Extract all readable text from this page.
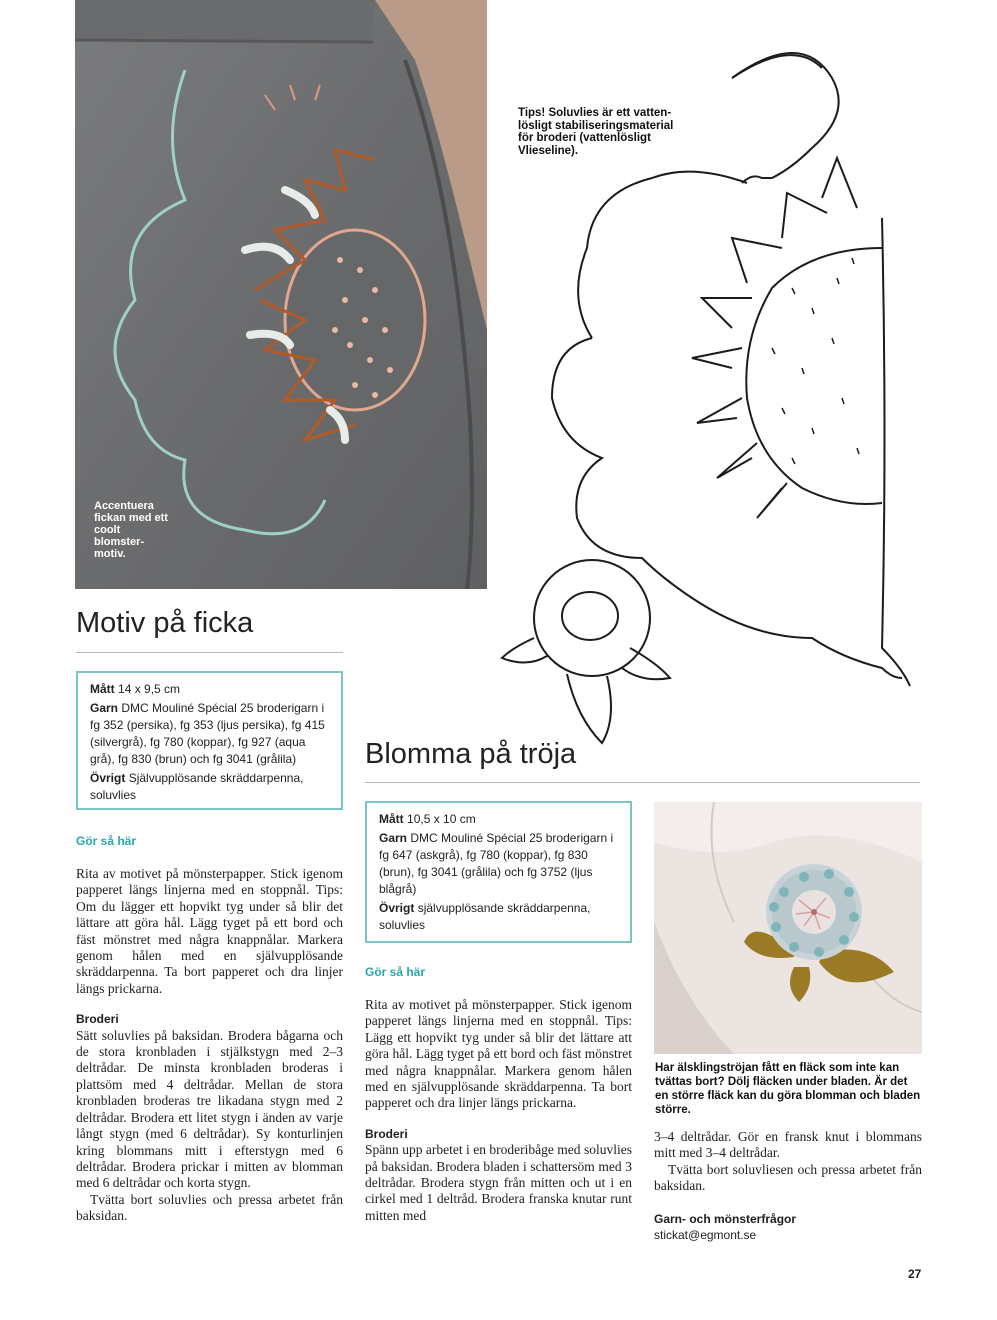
Accentuera fickan med ett coolt blomster-motiv.
Tips! Soluvlies är ett vatten-lösligt stabiliseringsmaterial för broderi (vattenlösligt Vlieseline).
Motiv på ficka

Mått 14 x 9,5 cm

Garn DMC Mouliné Spécial 25 broderigarn i fg 352 (persika), fg 353 (ljus persika), fg 415 (silvergrå), fg 780 (koppar), fg 927 (aqua grå), fg 830 (brun) och fg 3041 (grålila)

Övrigt Självupplösande skräddarpenna, soluvlies

Gör så här

Rita av motivet på mönsterpapper. Stick igenom papperet längs linjerna med en stoppnål. Tips: Om du lägger ett hopvikt tyg under så blir det lättare att göra hål. Lägg tyget på ett bord och fäst mönstret med några knappnålar. Markera genom hålen med en självupplösande skräddarpenna. Ta bort papperet och dra linjer längs prickarna.

Broderi

Sätt soluvlies på baksidan. Brodera bågarna och de stora kronbladen i stjälkstygn med 2–3 deltrådar. De minsta kronbladen broderas i plattsöm med 4 deltrådar. Mellan de stora kronbladen broderas tre likadana stygn med 2 deltrådar. Brodera ett litet stygn i änden av varje långt stygn (med 6 deltrådar). Sy konturlinjen kring blommans mitt i efterstygn med 6 deltrådar. Brodera prickar i mitten av blomman med 6 deltrådar och korta stygn.

Tvätta bort soluvlies och pressa arbetet från baksidan.

Blomma på tröja

Mått 10,5 x 10 cm

Garn DMC Mouliné Spécial 25 broderigarn i fg 647 (askgrå), fg 780 (koppar), fg 830 (brun), fg 3041 (grålila) och fg 3752 (ljus blågrå)

Övrigt självupplösande skräddarpenna, soluvlies

Gör så här

Rita av motivet på mönsterpapper. Stick igenom papperet längs linjerna med en stoppnål. Tips: Lägg ett hopvikt tyg under så blir det lättare att göra hål. Lägg tyget på ett bord och fäst mönstret med några knappnålar. Markera genom hålen med en självupplösande skräddarpenna. Ta bort papperet och dra linjer längs prickarna.

Broderi

Spänn upp arbetet i en broderibåge med soluvlies på baksidan. Brodera bladen i schattersöm med 3 deltrådar. Brodera stygn från mitten och ut i en cirkel med 1 deltråd. Brodera franska knutar runt mitten med

Har älsklingströjan fått en fläck som inte kan tvättas bort? Dölj fläcken under bladen. Är det en större fläck kan du göra blomman och bladen större.

3–4 deltrådar. Gör en fransk knut i blommans mitt med 3–4 deltrådar.

Tvätta bort soluvliesen och pressa arbetet från baksidan.

Garn- och mönsterfrågor
stickat@egmont.se
27
